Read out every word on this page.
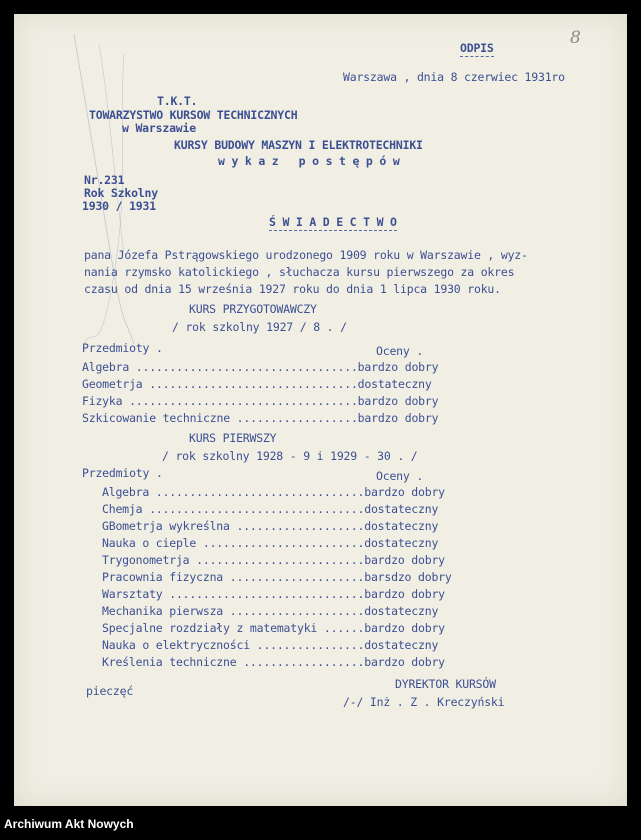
ODPIS	8
Warszawa , dnia 8 czerwiec 1931ro
T.K.T.
TOWARZYSTWO KURSOW TECHNICZNYCH
w Warszawie
KURSY BUDOWY MASZYN I ELEKTROTECHNIKI
w y k a z   p o s t ę p ó w
Nr.231
Rok Szkolny
1930 / 1931
Ś W I A D E C T W O
pana Józefa Pstrągowskiego urodzonego 1909 roku w Warszawie , wyz-
nania rzymsko katolickiego , słuchacza kursu pierwszego za okres
czasu od dnia 15 września 1927 roku do dnia 1 lipca 1930 roku.
KURS PRZYGOTOWAWCZY
/ rok szkolny 1927 / 8 . /
Przedmioty .	Oceny .
Algebra .................................bardzo dobry
Geometrja ...............................dostateczny
Fizyka ..................................bardzo dobry
Szkicowanie techniczne ..................bardzo dobry
KURS PIERWSZY
/ rok szkolny 1928 - 9 i 1929 - 30 . /
Przedmioty .	Oceny .
Algebra ...............................bardzo dobry
Chemja ................................dostateczny
GBometrja wykreślna ...................dostateczny
Nauka o cieple ........................dostateczny
Trygonometrja .........................bardzo dobry
Pracownia fizyczna ....................barsdzo dobry
Warsztaty .............................bardzo dobry
Mechanika pierwsza ....................dostateczny
Specjalne rozdziały z matematyki ......bardzo dobry
Nauka o elektryczności ................dostateczny
Kreślenia techniczne ..................bardzo dobry
pieczęć	DYREKTOR KURSÓW
/-/ Inż . Z . Kreczyński
Archiwum Akt Nowych
